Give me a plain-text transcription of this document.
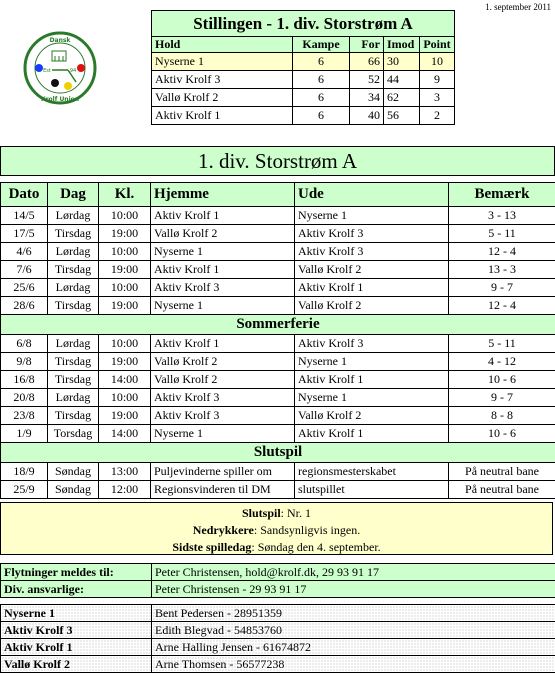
1. september 2011
Dansk
Krolf Union
Est	94
Stillingen - 1. div. Storstrøm A				
Hold	Kampe	For	Imod	Point
Nyserne 1	6	66	30	10
Aktiv Krolf 3	6	52	44	9
Vallø Krolf 2	6	34	62	3
Aktiv Krolf 1	6	40	56	2
1. div. Storstrøm A
Dato	Dag	Kl.	Hjemme	Ude	Bemærk
14/5	Lørdag	10:00	Aktiv Krolf 1	Nyserne 1	3 - 13
17/5	Tirsdag	19:00	Vallø Krolf 2	Aktiv Krolf 3	5 - 11
4/6	Lørdag	10:00	Nyserne 1	Aktiv Krolf 3	12 - 4
7/6	Tirsdag	19:00	Aktiv Krolf 1	Vallø Krolf 2	13 - 3
25/6	Lørdag	10:00	Aktiv Krolf 3	Aktiv Krolf 1	9 - 7
28/6	Tirsdag	19:00	Nyserne 1	Vallø Krolf 2	12 - 4
Sommerferie					
6/8	Lørdag	10:00	Aktiv Krolf 1	Aktiv Krolf 3	5 - 11
9/8	Tirsdag	19:00	Vallø Krolf 2	Nyserne 1	4 - 12
16/8	Tirsdag	14:00	Vallø Krolf 2	Aktiv Krolf 1	10 - 6
20/8	Lørdag	10:00	Aktiv Krolf 3	Nyserne 1	9 - 7
23/8	Tirsdag	19:00	Aktiv Krolf 3	Vallø Krolf 2	8 - 8
1/9	Torsdag	14:00	Nyserne 1	Aktiv Krolf 1	10 - 6
Slutspil					
18/9	Søndag	13:00	Puljevinderne spiller om	regionsmesterskabet	På neutral bane
25/9	Søndag	12:00	Regionsvinderen til DM	slutspillet	På neutral bane
Slutspil: Nr. 1
Nedrykkere: Sandsynligvis ingen.
Sidste spilledag: Søndag den 4. september.
Flytninger meldes til:	Peter Christensen, hold@krolf.dk, 29 93 91 17
Div. ansvarlige:	Peter Christensen - 29 93 91 17
Nyserne 1	Bent Pedersen - 28951359
Aktiv Krolf 3	Edith Blegvad - 54853760
Aktiv Krolf 1	Arne Halling Jensen - 61674872
Vallø Krolf 2	Arne Thomsen - 56577238
